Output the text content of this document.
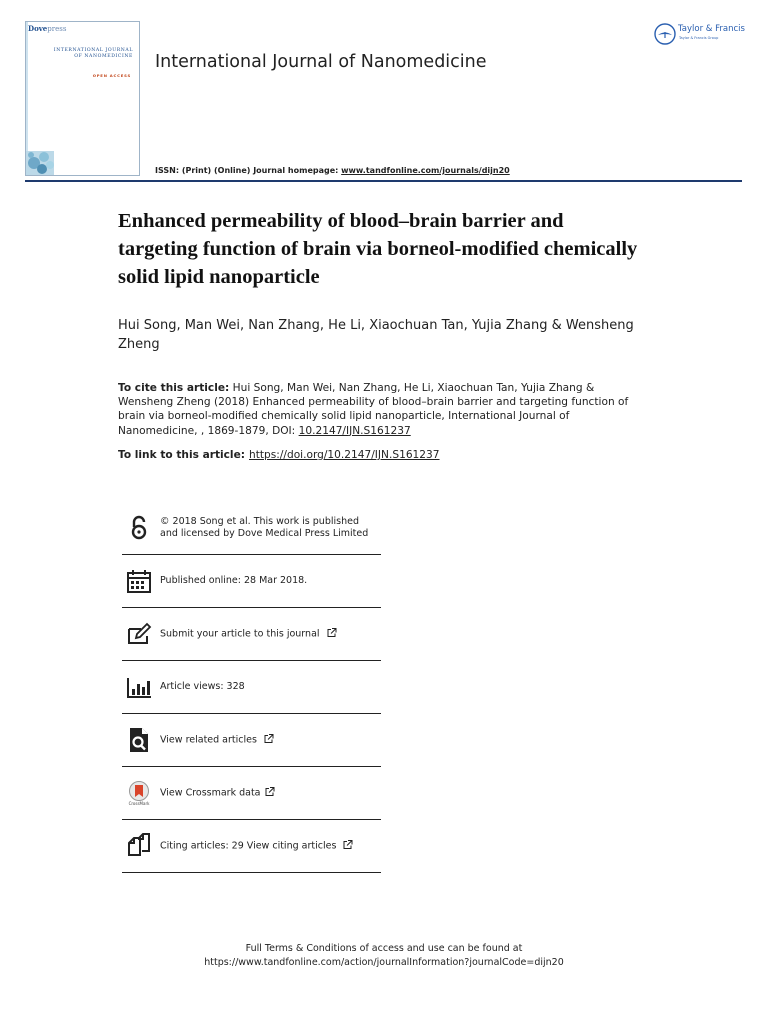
Dovepress
INTERNATIONAL JOURNAL
OF NANOMEDICINE
OPEN ACCESS
International Journal of Nanomedicine
ISSN: (Print) (Online) Journal homepage: www.tandfonline.com/journals/dijn20
Taylor & Francis
Taylor & Francis Group
Enhanced permeability of blood–brain barrier and targeting function of brain via borneol-modified chemically solid lipid nanoparticle
Hui Song, Man Wei, Nan Zhang, He Li, Xiaochuan Tan, Yujia Zhang & Wensheng Zheng
To cite this article: Hui Song, Man Wei, Nan Zhang, He Li, Xiaochuan Tan, Yujia Zhang & Wensheng Zheng (2018) Enhanced permeability of blood–brain barrier and targeting function of brain via borneol-modified chemically solid lipid nanoparticle, International Journal of Nanomedicine, , 1869-1879, DOI: 10.2147/IJN.S161237
To link to this article: https://doi.org/10.2147/IJN.S161237
© 2018 Song et al. This work is published
and licensed by Dove Medical Press Limited
Published online: 28 Mar 2018.
Submit your article to this journal
Article views: 328
View related articles
CrossMark
View Crossmark data
Citing articles: 29 View citing articles
Full Terms & Conditions of access and use can be found at
https://www.tandfonline.com/action/journalInformation?journalCode=dijn20
